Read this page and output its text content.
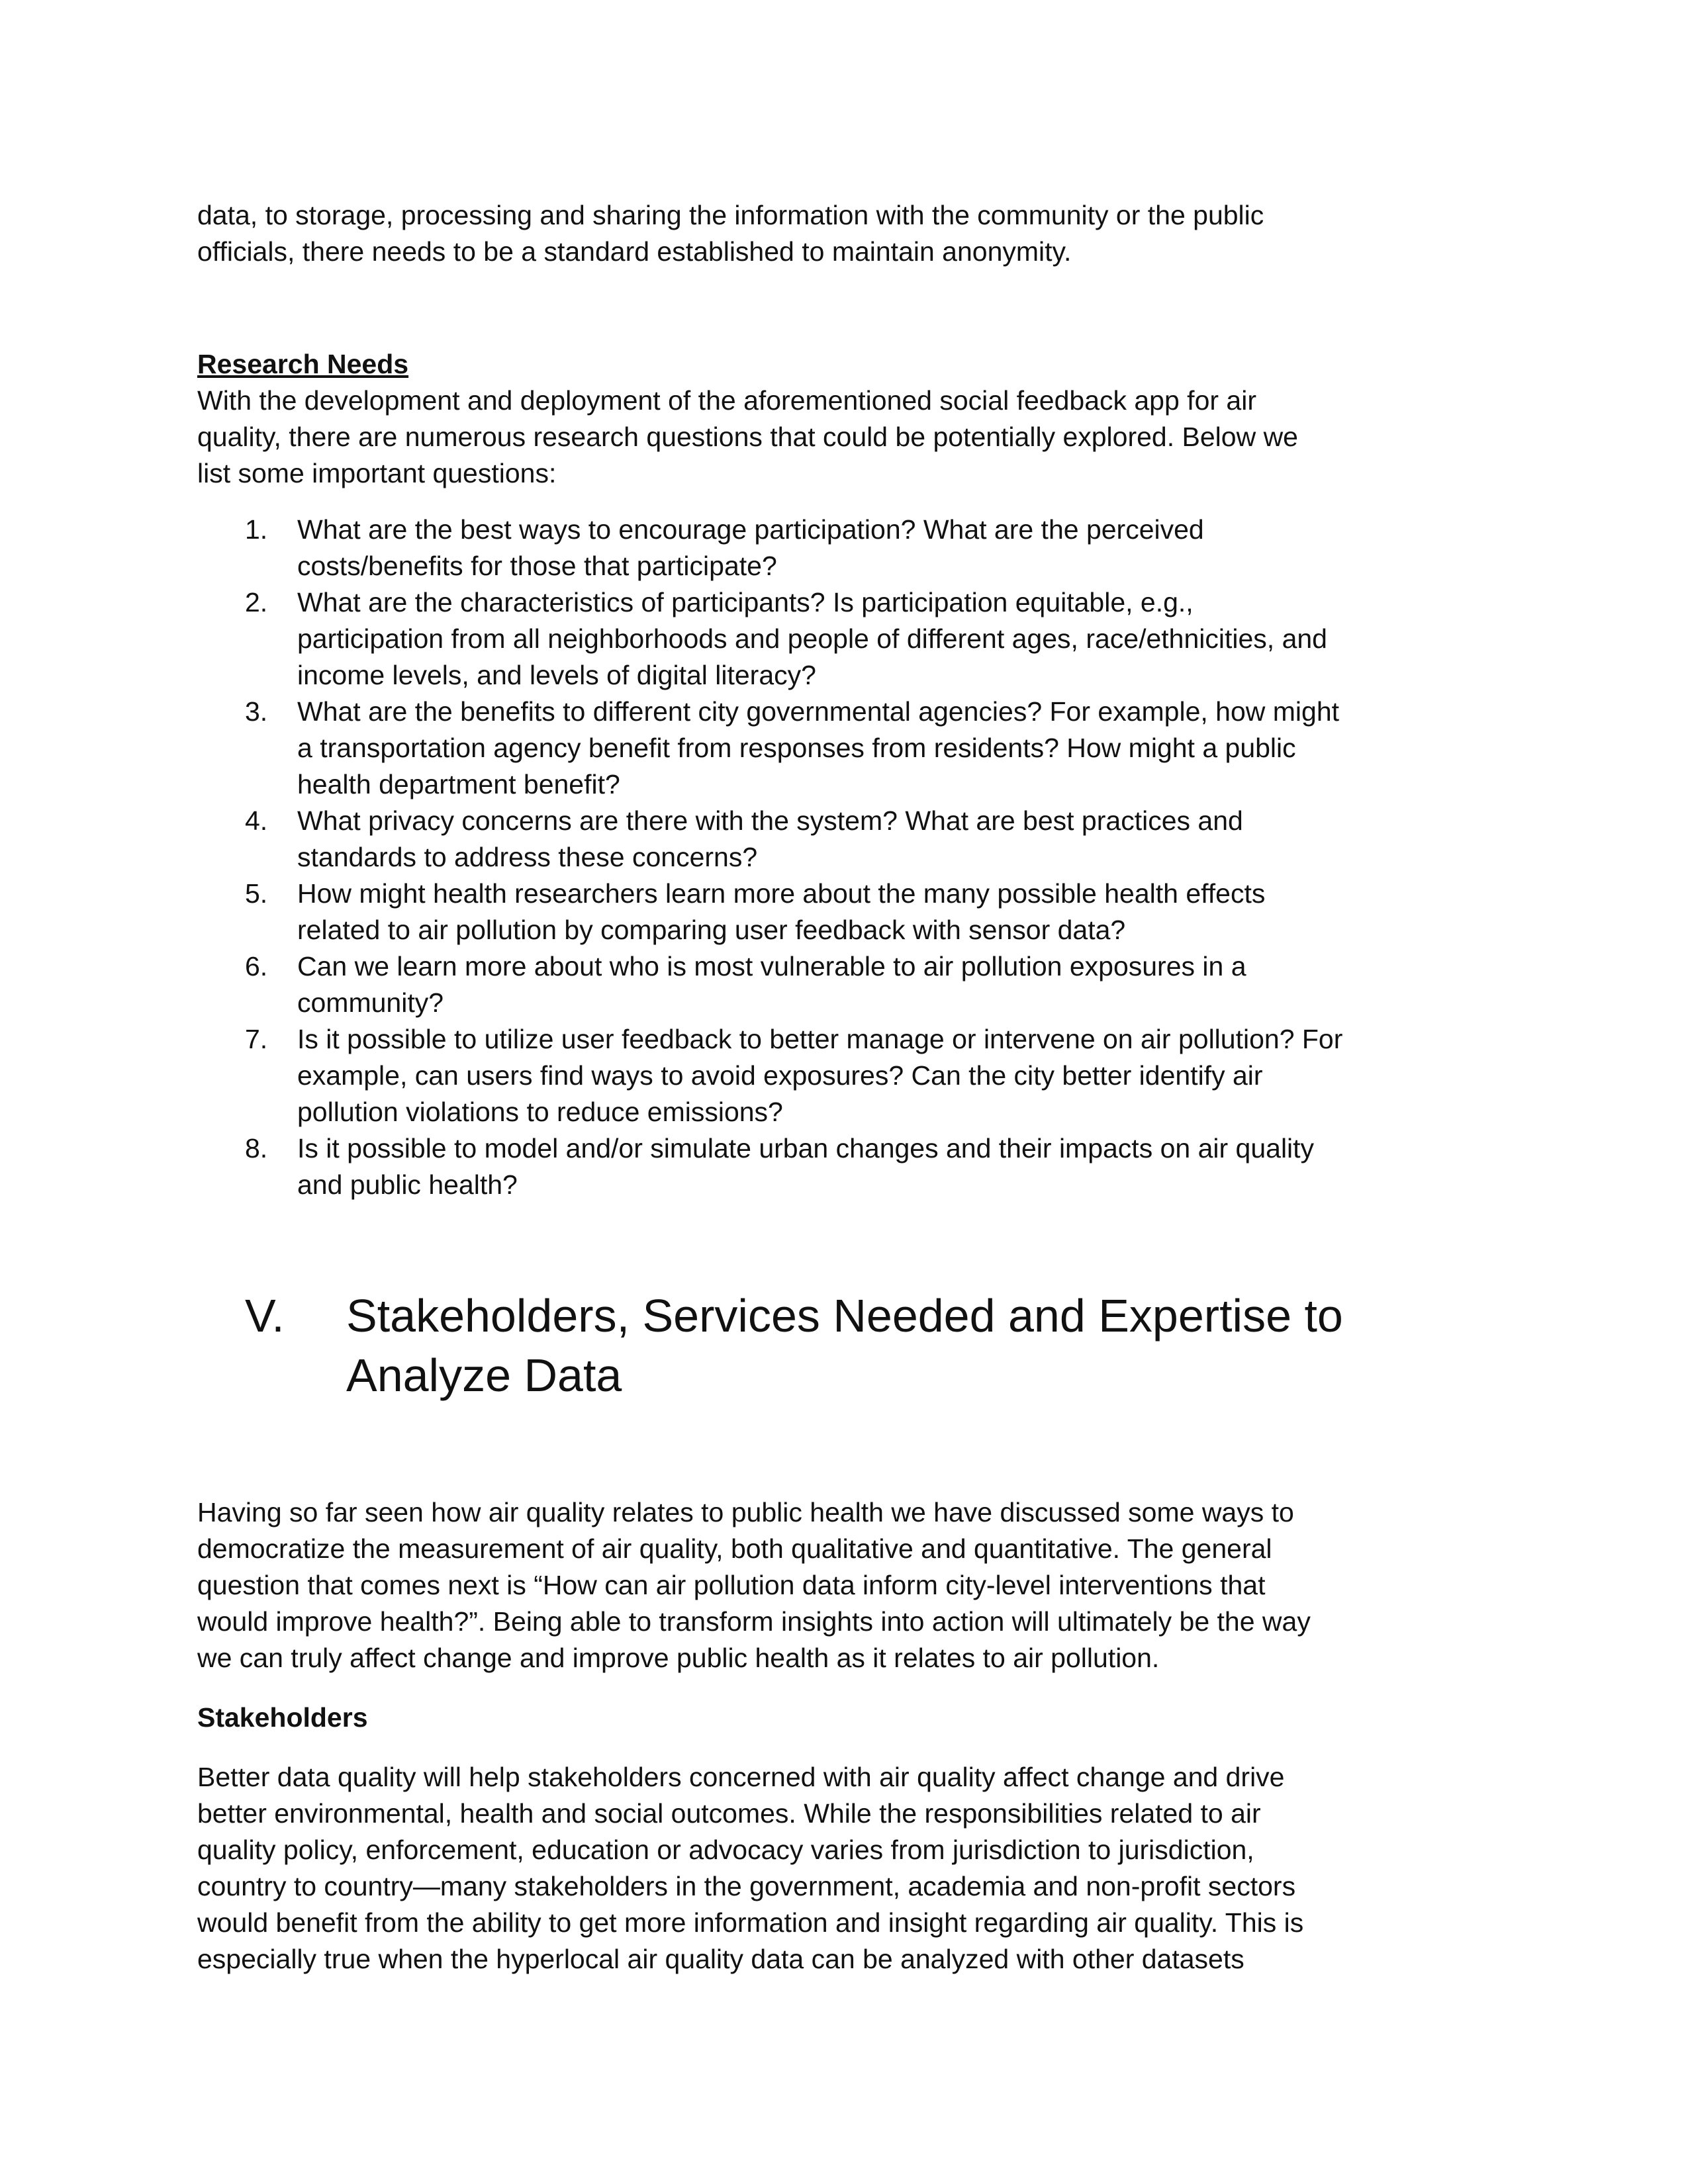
data, to storage, processing and sharing the information with the community or the public

officials, there needs to be a standard established to maintain anonymity.

Research Needs

With the development and deployment of the aforementioned social feedback app for air

quality, there are numerous research questions that could be potentially explored. Below we

list some important questions:

1. What are the best ways to encourage participation? What are the perceived
costs/benefits for those that participate?
2. What are the characteristics of participants? Is participation equitable, e.g.,
participation from all neighborhoods and people of different ages, race/ethnicities, and
income levels, and levels of digital literacy?
3. What are the benefits to different city governmental agencies? For example, how might
a transportation agency benefit from responses from residents? How might a public
health department benefit?
4. What privacy concerns are there with the system? What are best practices and
standards to address these concerns?
5. How might health researchers learn more about the many possible health effects
related to air pollution by comparing user feedback with sensor data?
6. Can we learn more about who is most vulnerable to air pollution exposures in a
community?
7. Is it possible to utilize user feedback to better manage or intervene on air pollution? For
example, can users find ways to avoid exposures? Can the city better identify air
pollution violations to reduce emissions?
8. Is it possible to model and/or simulate urban changes and their impacts on air quality
and public health?
V. Stakeholders, Services Needed and Expertise to
Analyze Data

Having so far seen how air quality relates to public health we have discussed some ways to

democratize the measurement of air quality, both qualitative and quantitative. The general

question that comes next is “How can air pollution data inform city-level interventions that

would improve health?”. Being able to transform insights into action will ultimately be the way

we can truly affect change and improve public health as it relates to air pollution.

Stakeholders

Better data quality will help stakeholders concerned with air quality affect change and drive

better environmental, health and social outcomes. While the responsibilities related to air

quality policy, enforcement, education or advocacy varies from jurisdiction to jurisdiction,

country to country—many stakeholders in the government, academia and non-profit sectors

would benefit from the ability to get more information and insight regarding air quality. This is

especially true when the hyperlocal air quality data can be analyzed with other datasets
